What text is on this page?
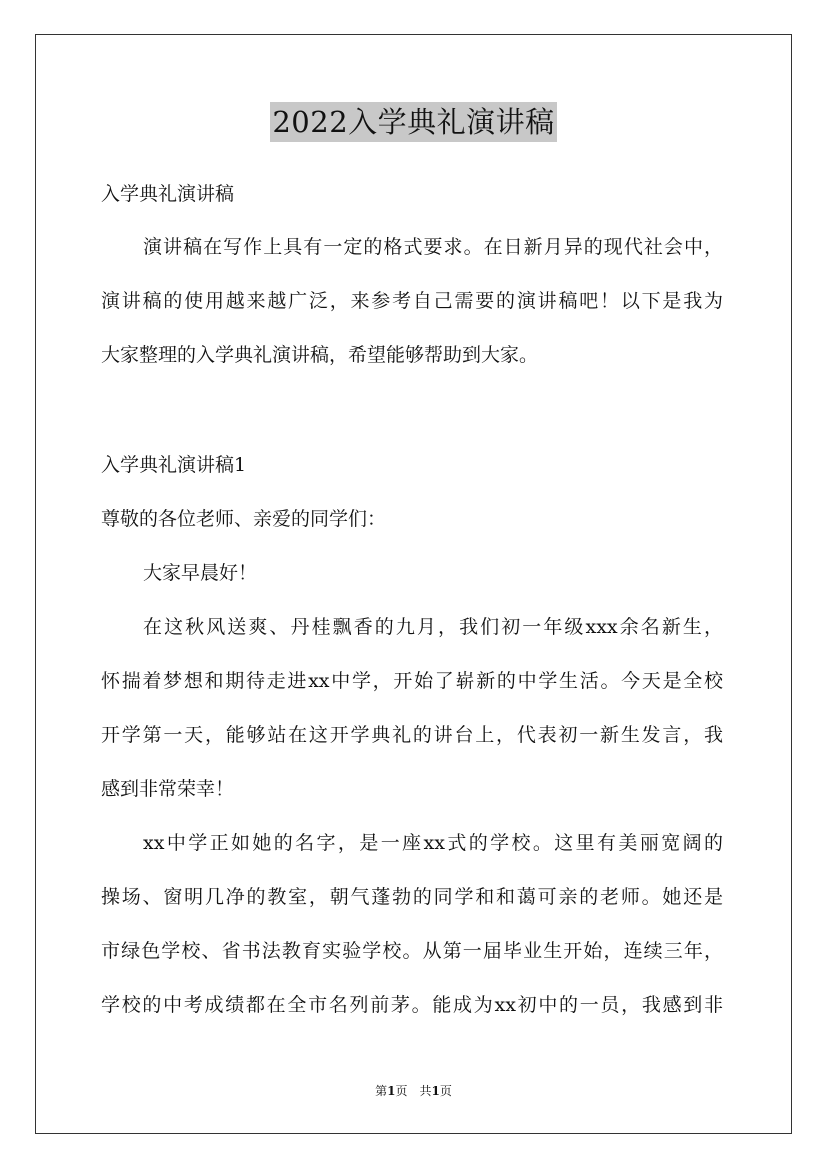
2022入学典礼演讲稿
入学典礼演讲稿
演讲稿在写作上具有一定的格式要求。在日新月异的现代社会中，
演讲稿的使用越来越广泛，来参考自己需要的演讲稿吧！以下是我为
大家整理的入学典礼演讲稿，希望能够帮助到大家。
入学典礼演讲稿1
尊敬的各位老师、亲爱的同学们：
大家早晨好！
在这秋风送爽、丹桂飘香的九月，我们初一年级xxx余名新生，
怀揣着梦想和期待走进xx中学，开始了崭新的中学生活。今天是全校
开学第一天，能够站在这开学典礼的讲台上，代表初一新生发言，我
感到非常荣幸！
xx中学正如她的名字，是一座xx式的学校。这里有美丽宽阔的
操场、窗明几净的教室，朝气蓬勃的同学和和蔼可亲的老师。她还是
市绿色学校、省书法教育实验学校。从第一届毕业生开始，连续三年，
学校的中考成绩都在全市名列前茅。能成为xx初中的一员，我感到非
第1页　共1页
